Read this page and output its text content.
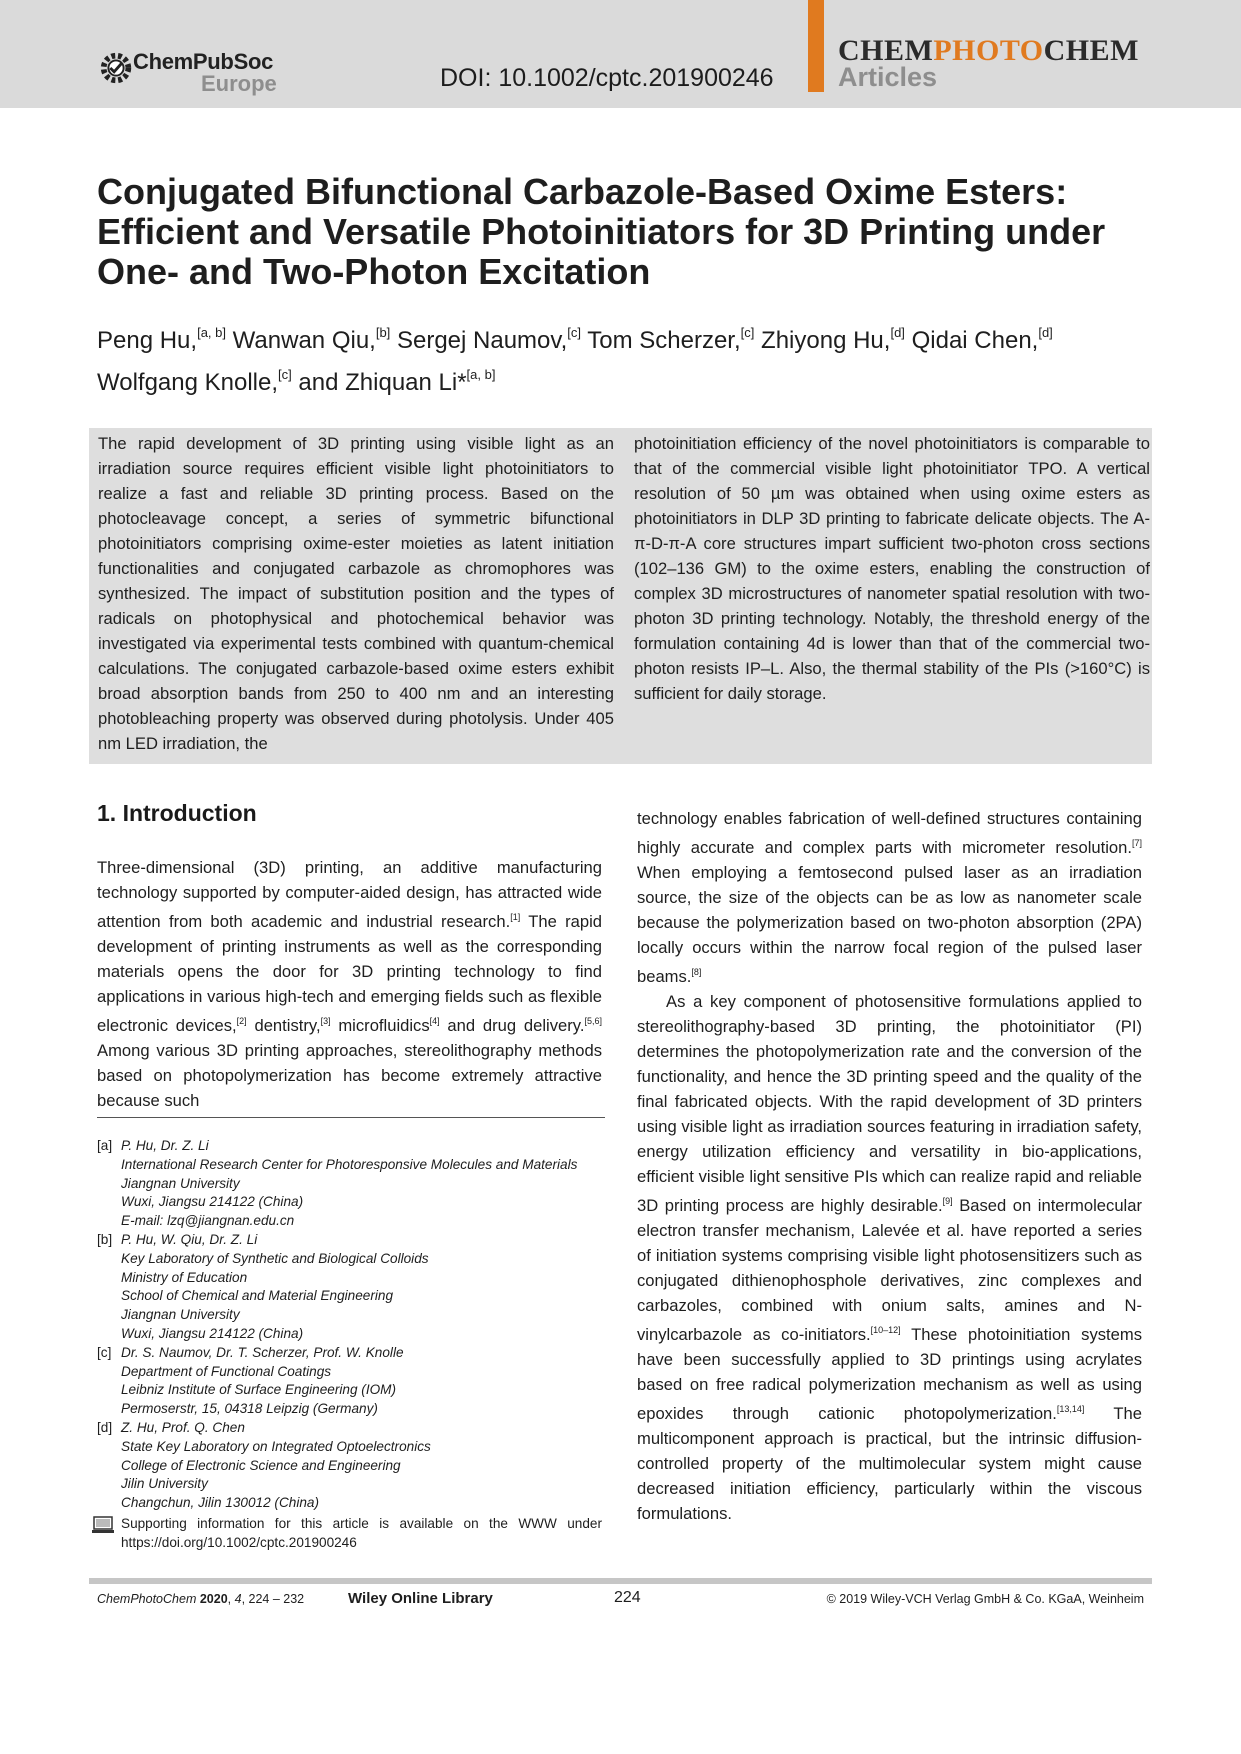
ChemPubSoc
Europe	DOI: 10.1002/cptc.201900246
CHEMPHOTOCHEM
Articles
Conjugated Bifunctional Carbazole-Based Oxime Esters:
Efficient and Versatile Photoinitiators for 3D Printing under
One- and Two-Photon Excitation
Peng Hu,[a, b] Wanwan Qiu,[b] Sergej Naumov,[c] Tom Scherzer,[c] Zhiyong Hu,[d] Qidai Chen,[d]
Wolfgang Knolle,[c] and Zhiquan Li*[a, b]
The rapid development of 3D printing using visible light as an irradiation source requires efficient visible light photoinitiators to realize a fast and reliable 3D printing process. Based on the photocleavage concept, a series of symmetric bifunctional photoinitiators comprising oxime-ester moieties as latent initiation functionalities and conjugated carbazole as chromophores was synthesized. The impact of substitution position and the types of radicals on photophysical and photochemical behavior was investigated via experimental tests combined with quantum-chemical calculations. The conjugated carbazole-based oxime esters exhibit broad absorption bands from 250 to 400 nm and an interesting photobleaching property was observed during photolysis. Under 405 nm LED irradiation, the
photoinitiation efficiency of the novel photoinitiators is comparable to that of the commercial visible light photoinitiator TPO. A vertical resolution of 50 µm was obtained when using oxime esters as photoinitiators in DLP 3D printing to fabricate delicate objects. The A-π-D-π-A core structures impart sufficient two-photon cross sections (102–136 GM) to the oxime esters, enabling the construction of complex 3D microstructures of nanometer spatial resolution with two-photon 3D printing technology. Notably, the threshold energy of the formulation containing 4d is lower than that of the commercial two-photon resists IP–L. Also, the thermal stability of the PIs (>160°C) is sufficient for daily storage.
1. Introduction

Three-dimensional (3D) printing, an additive manufacturing technology supported by computer-aided design, has attracted wide attention from both academic and industrial research.[1] The rapid development of printing instruments as well as the corresponding materials opens the door for 3D printing technology to find applications in various high-tech and emerging fields such as flexible electronic devices,[2] dentistry,[3] microfluidics[4] and drug delivery.[5,6] Among various 3D printing approaches, stereolithography methods based on photopolymerization has become extremely attractive because such

technology enables fabrication of well-defined structures containing highly accurate and complex parts with micrometer resolution.[7] When employing a femtosecond pulsed laser as an irradiation source, the size of the objects can be as low as nanometer scale because the polymerization based on two-photon absorption (2PA) locally occurs within the narrow focal region of the pulsed laser beams.[8]

As a key component of photosensitive formulations applied to stereolithography-based 3D printing, the photoinitiator (PI) determines the photopolymerization rate and the conversion of the functionality, and hence the 3D printing speed and the quality of the final fabricated objects. With the rapid development of 3D printers using visible light as irradiation sources featuring in irradiation safety, energy utilization efficiency and versatility in bio-applications, efficient visible light sensitive PIs which can realize rapid and reliable 3D printing process are highly desirable.[9] Based on intermolecular electron transfer mechanism, Lalevée et al. have reported a series of initiation systems comprising visible light photosensitizers such as conjugated dithienophosphole derivatives, zinc complexes and carbazoles, combined with onium salts, amines and N-vinylcarbazole as co-initiators.[10–12] These photoinitiation systems have been successfully applied to 3D printings using acrylates based on free radical polymerization mechanism as well as using epoxides through cationic photopolymerization.[13,14] The multicomponent approach is practical, but the intrinsic diffusion-controlled property of the multimolecular system might cause decreased initiation efficiency, particularly within the viscous formulations.

[a] P. Hu, Dr. Z. Li
International Research Center for Photoresponsive Molecules and Materials
Jiangnan University
Wuxi, Jiangsu 214122 (China)
E-mail: lzq@jiangnan.edu.cn
[b] P. Hu, W. Qiu, Dr. Z. Li
Key Laboratory of Synthetic and Biological Colloids
Ministry of Education
School of Chemical and Material Engineering
Jiangnan University
Wuxi, Jiangsu 214122 (China)
[c] Dr. S. Naumov, Dr. T. Scherzer, Prof. W. Knolle
Department of Functional Coatings
Leibniz Institute of Surface Engineering (IOM)
Permoserstr, 15, 04318 Leipzig (Germany)
[d] Z. Hu, Prof. Q. Chen
State Key Laboratory on Integrated Optoelectronics
College of Electronic Science and Engineering
Jilin University
Changchun, Jilin 130012 (China)
Supporting information for this article is available on the WWW under https://doi.org/10.1002/cptc.201900246
ChemPhotoChem 2020, 4, 224 – 232	Wiley Online Library	224	© 2019 Wiley-VCH Verlag GmbH & Co. KGaA, Weinheim
